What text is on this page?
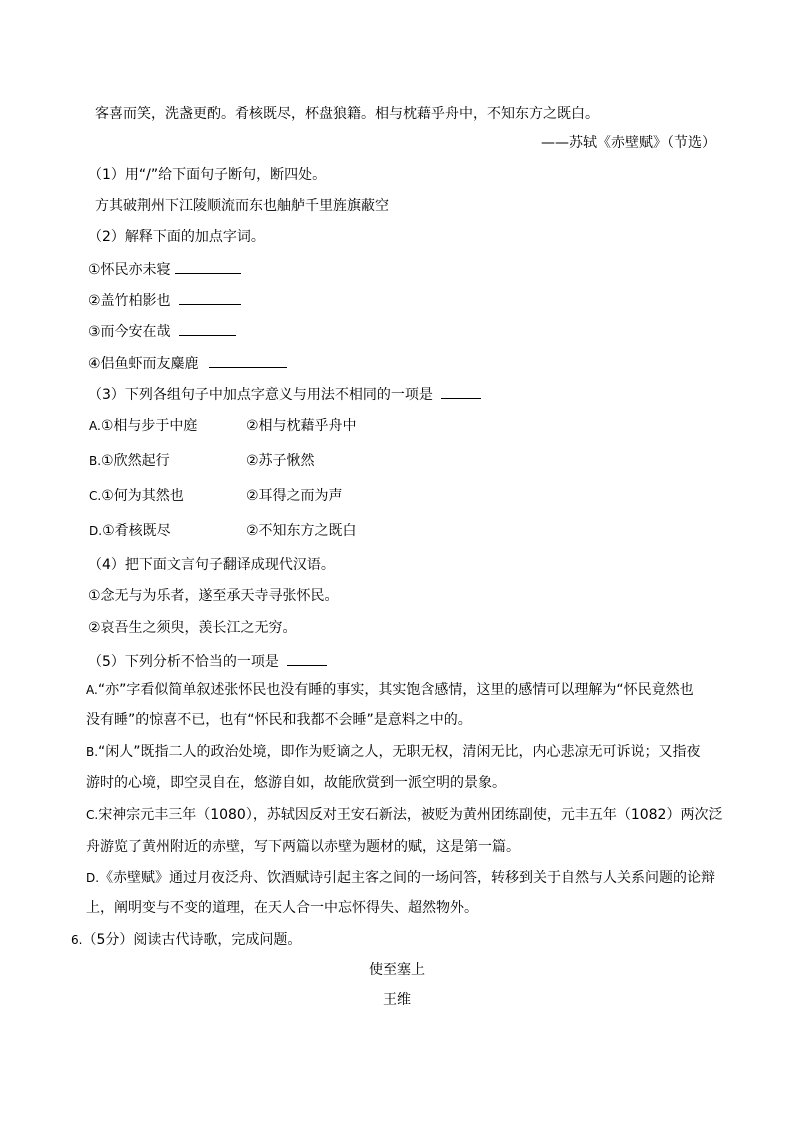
客喜而笑，洗盏更酌。肴核既尽，杯盘狼籍。相与枕藉乎舟中，不知东方之既白。
——苏轼《赤壁赋》（节选）
（1）用“/”给下面句子断句，断四处。
方其破荆州下江陵顺流而东也舳舻千里旌旗蔽空
（2）解释下面的加点字词。
①怀民亦未寝
②盖竹柏影也
③而今安在哉
④侣鱼虾而友麋鹿
（3）下列各组句子中加点字意义与用法不相同的一项是
A.①相与步于中庭	②相与枕藉乎舟中
B.①欣然起行	②苏子愀然
C.①何为其然也	②耳得之而为声
D.①肴核既尽	②不知东方之既白
（4）把下面文言句子翻译成现代汉语。
①念无与为乐者，遂至承天寺寻张怀民。
②哀吾生之须臾，羡长江之无穷。
（5）下列分析不恰当的一项是
A.“亦”字看似简单叙述张怀民也没有睡的事实，其实饱含感情，这里的感情可以理解为“怀民竟然也
没有睡”的惊喜不已，也有“怀民和我都不会睡”是意料之中的。
B.“闲人”既指二人的政治处境，即作为贬谪之人，无职无权，清闲无比，内心悲凉无可诉说；又指夜
游时的心境，即空灵自在，悠游自如，故能欣赏到一派空明的景象。
C.宋神宗元丰三年（1080），苏轼因反对王安石新法，被贬为黄州团练副使，元丰五年（1082）两次泛
舟游览了黄州附近的赤壁，写下两篇以赤壁为题材的赋，这是第一篇。
D.《赤壁赋》通过月夜泛舟、饮酒赋诗引起主客之间的一场问答，转移到关于自然与人关系问题的论辩
上，阐明变与不变的道理，在天人合一中忘怀得失、超然物外。
6.（5分）阅读古代诗歌，完成问题。
使至塞上
王维
